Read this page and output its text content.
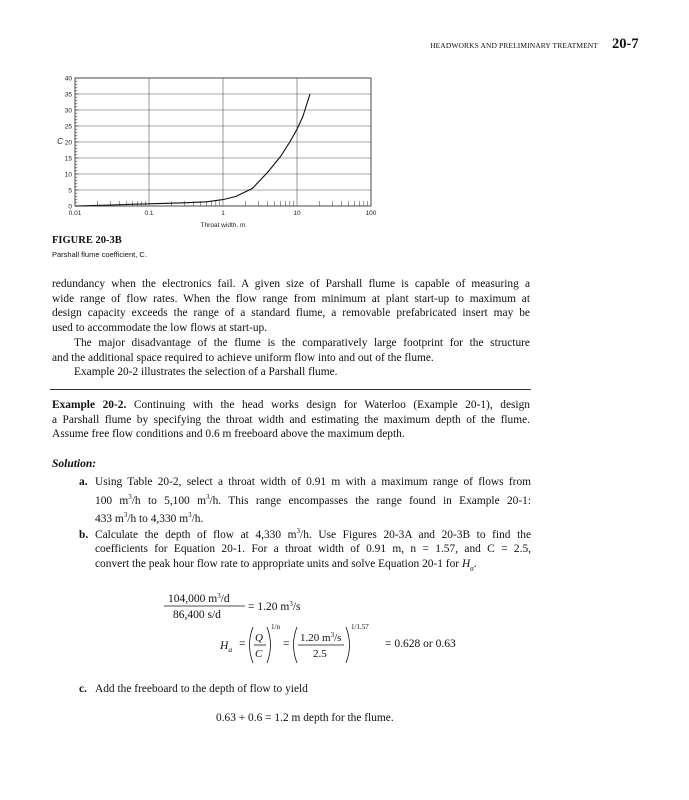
HEADWORKS AND PRELIMINARY TREATMENT 20-7
0
5
10
15
20
25
30
35
40
0.01	0.1	1	10	100
C
Throat width, m
FIGURE 20-3B
Parshall flume coefficient, C.
redundancy when the electronics fail. A given size of Parshall flume is capable of measuring a
wide range of flow rates. When the flow range from minimum at plant start-up to maximum at
design capacity exceeds the range of a standard flume, a removable prefabricated insert may be
used to accommodate the low flows at start-up.
The major disadvantage of the flume is the comparatively large footprint for the structure
and the additional space required to achieve uniform flow into and out of the flume.
Example 20-2 illustrates the selection of a Parshall flume.
Example 20-2. Continuing with the head works design for Waterloo (Example 20-1), design
a Parshall flume by specifying the throat width and estimating the maximum depth of the flume.
Assume free flow conditions and 0.6 m freeboard above the maximum depth.
Solution:
a. Using Table 20-2, select a throat width of 0.91 m with a maximum range of flows from
100 $m^3/h$ to 5,100 $m^3/h$. This range encompasses the range found in Example 20-1:
433 $m^3/h$ to 4,330 $m^3/h$.
b. Calculate the depth of flow at 4,330 $m^3/h$. Use Figures 20-3A and 20-3B to find the
coefficients for Equation 20-1. For a throat width of 0.91 m, n = 1.57, and C = 2.5,
convert the peak hour flow rate to appropriate units and solve Equation 20-1 for $H_a$.
104,000 $m^3/d$
86,400 s/d
= 1.20 $m^3/s$
$H_a = Q$
C
1/n
= 1.20 $m^3/s$
2.5
1/1.57
= 0.628 or 0.63
c. Add the freeboard to the depth of flow to yield
0.63 + 0.6 = 1.2 m depth for the flume.
